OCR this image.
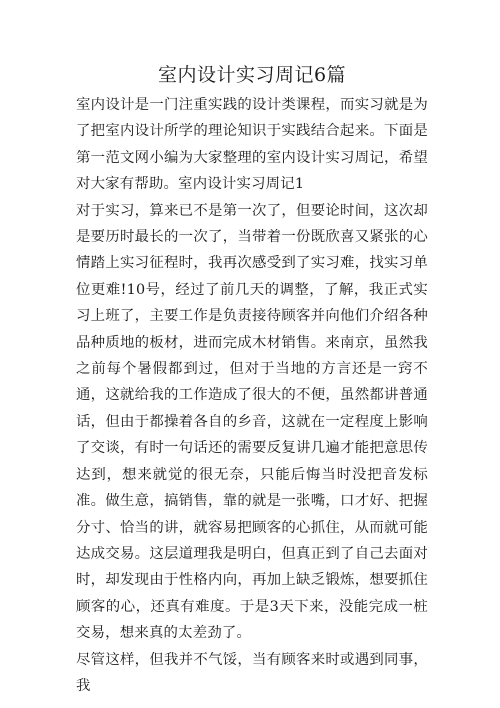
室内设计实习周记6篇

室内设计是一门注重实践的设计类课程，而实习就是为了把室内设计所学的理论知识于实践结合起来。下面是第一范文网小编为大家整理的室内设计实习周记，希望对大家有帮助。室内设计实习周记1

对于实习，算来已不是第一次了，但要论时间，这次却是要历时最长的一次了，当带着一份既欣喜又紧张的心情踏上实习征程时，我再次感受到了实习难，找实习单位更难!10号，经过了前几天的调整，了解，我正式实习上班了，主要工作是负责接待顾客并向他们介绍各种品种质地的板材，进而完成木材销售。来南京，虽然我之前每个暑假都到过，但对于当地的方言还是一窍不通，这就给我的工作造成了很大的不便，虽然都讲普通话，但由于都操着各自的乡音，这就在一定程度上影响了交谈，有时一句话还的需要反复讲几遍才能把意思传达到，想来就觉的很无奈，只能后悔当时没把音发标准。做生意，搞销售，靠的就是一张嘴，口才好、把握分寸、恰当的讲，就容易把顾客的心抓住，从而就可能达成交易。这层道理我是明白，但真正到了自己去面对时，却发现由于性格内向，再加上缺乏锻炼，想要抓住顾客的心，还真有难度。于是3天下来，没能完成一桩交易，想来真的太差劲了。

尽管这样，但我并不气馁，当有顾客来时或遇到同事，我
